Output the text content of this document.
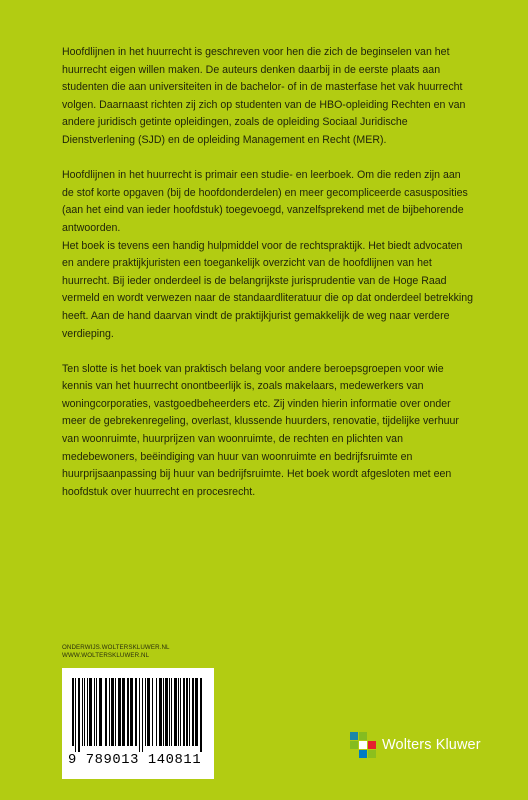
Hoofdlijnen in het huurrecht is geschreven voor hen die zich de beginselen van het huurrecht eigen willen maken. De auteurs denken daarbij in de eerste plaats aan studenten die aan universiteiten in de bachelor- of in de masterfase het vak huurrecht volgen. Daarnaast richten zij zich op studenten van de HBO-opleiding Rechten en van andere juridisch getinte opleidingen, zoals de opleiding Sociaal Juridische Dienstverlening (SJD) en de opleiding Management en Recht (MER).

Hoofdlijnen in het huurrecht is primair een studie- en leerboek. Om die reden zijn aan de stof korte opgaven (bij de hoofdonderdelen) en meer gecompliceerde casusposities (aan het eind van ieder hoofdstuk) toegevoegd, vanzelfsprekend met de bijbehorende antwoorden.

Het boek is tevens een handig hulpmiddel voor de rechtspraktijk. Het biedt advocaten en andere praktijkjuristen een toegankelijk overzicht van de hoofdlijnen van het huurrecht. Bij ieder onderdeel is de belangrijkste jurisprudentie van de Hoge Raad vermeld en wordt verwezen naar de standaardliteratuur die op dat onderdeel betrekking heeft. Aan de hand daarvan vindt de praktijkjurist gemakkelijk de weg naar verdere verdieping.

Ten slotte is het boek van praktisch belang voor andere beroepsgroepen voor wie kennis van het huurrecht onontbeerlijk is, zoals makelaars, medewerkers van woningcorporaties, vastgoedbeheerders etc. Zij vinden hierin informatie over onder meer de gebrekenregeling, overlast, klussende huurders, renovatie, tijdelijke verhuur van woonruimte, huurprijzen van woonruimte, de rechten en plichten van medebewoners, beëindiging van huur van woonruimte en bedrijfsruimte en huurprijsaanpassing bij huur van bedrijfsruimte. Het boek wordt afgesloten met een hoofdstuk over huurrecht en procesrecht.

ONDERWIJS.WOLTERSKLUWER.NL
WWW.WOLTERSKLUWER.NL
9 789013 140811
Wolters Kluwer
